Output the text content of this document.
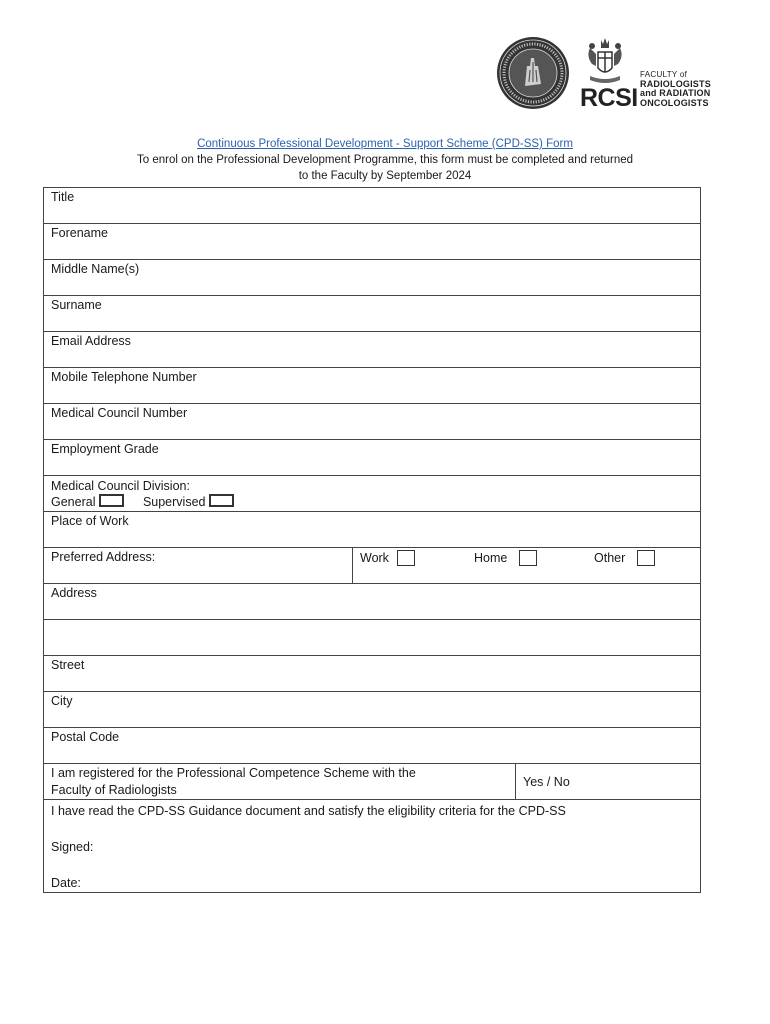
RCSI
FACULTY of
RADIOLOGISTS
and RADIATION
ONCOLOGISTS
Continuous Professional Development - Support Scheme (CPD-SS) Form
To enrol on the Professional Development Programme, this form must be completed and returned
to the Faculty by September 2024
Title
Forename
Middle Name(s)
Surname
Email Address
Mobile Telephone Number
Medical Council Number
Employment Grade

Medical Council Division:
General	Supervised

Place of Work
Preferred Address:	Work	Home	Other

Address

Street
City
Postal Code

I am registered for the Professional Competence Scheme with the
Faculty of Radiologists
Yes / No

I have read the CPD-SS Guidance document and satisfy the eligibility criteria for the CPD-SS
Signed:
Date:
